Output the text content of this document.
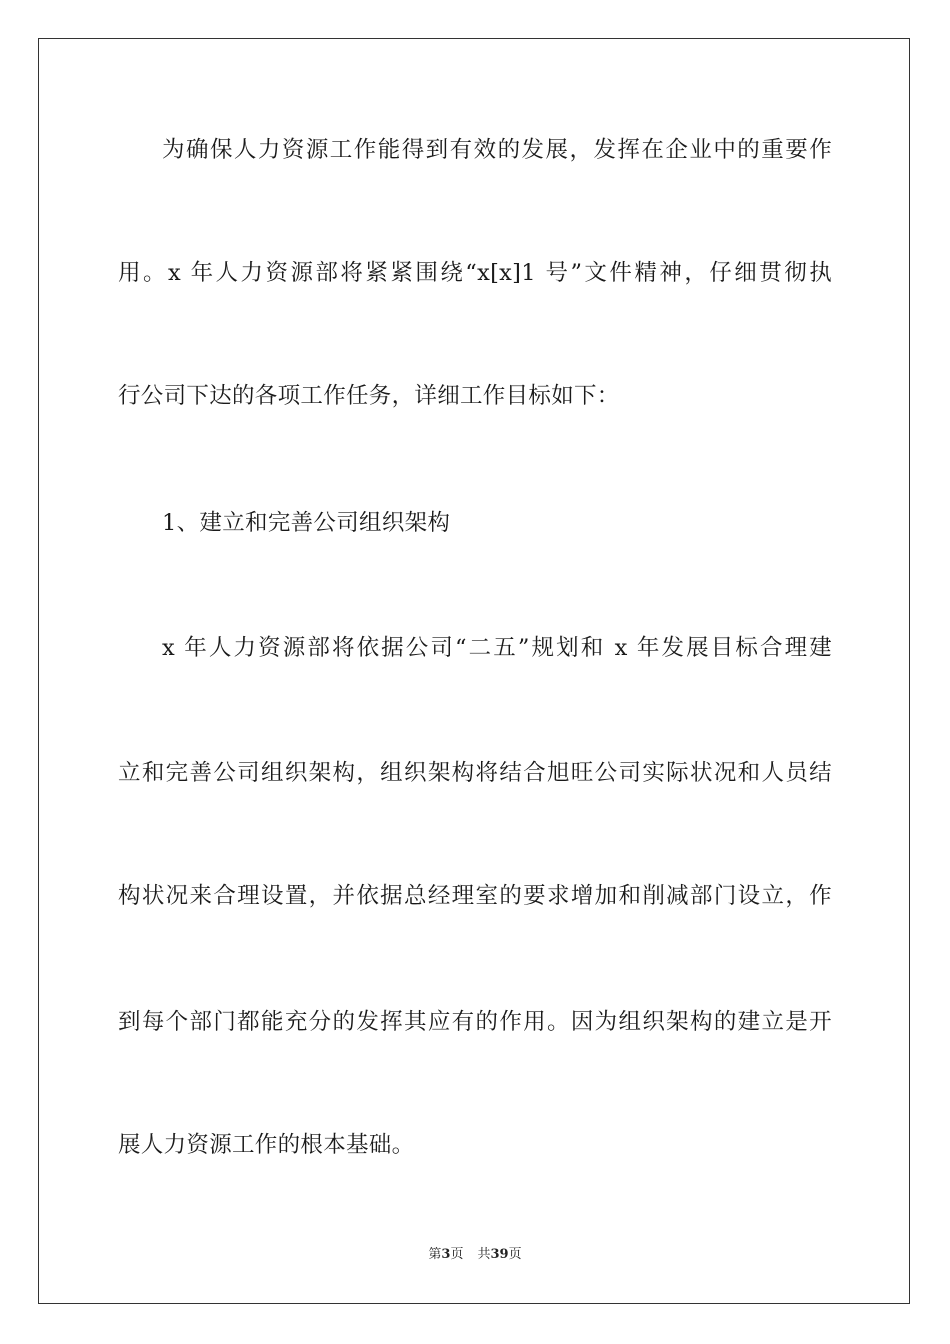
为确保人力资源工作能得到有效的发展，发挥在企业中的重要作
用。x 年人力资源部将紧紧围绕“x[x]1 号”文件精神，仔细贯彻执
行公司下达的各项工作任务，详细工作目标如下：
1、建立和完善公司组织架构
x 年人力资源部将依据公司“二五”规划和 x 年发展目标合理建
立和完善公司组织架构，组织架构将结合旭旺公司实际状况和人员结
构状况来合理设置，并依据总经理室的要求增加和削减部门设立，作
到每个部门都能充分的发挥其应有的作用。因为组织架构的建立是开
展人力资源工作的根本基础。
第3页 共39页
